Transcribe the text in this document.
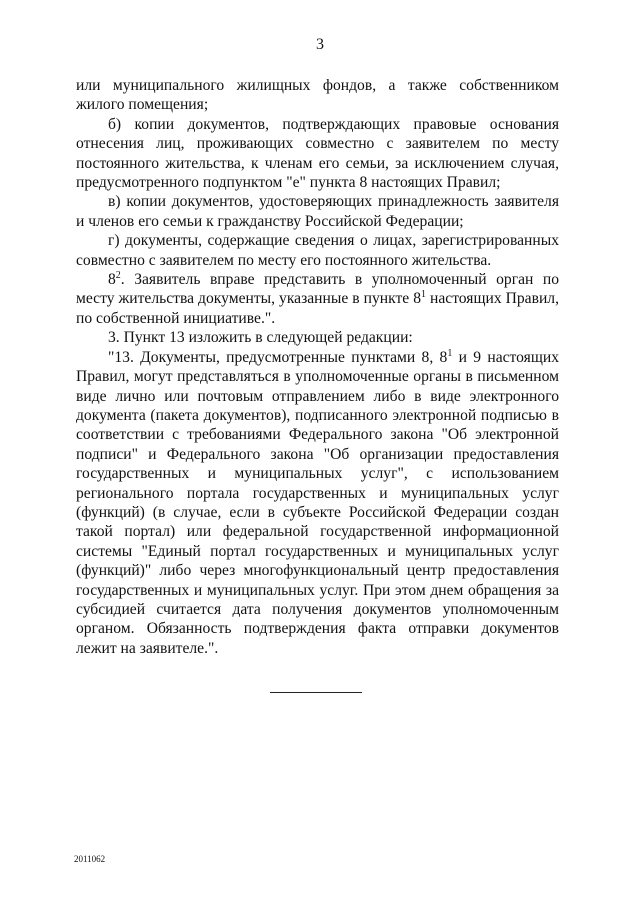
3

или муниципального жилищных фондов, а также собственником жилого помещения;

б) копии документов, подтверждающих правовые основания отнесения лиц, проживающих совместно с заявителем по месту постоянного жительства, к членам его семьи, за исключением случая, предусмотренного подпунктом "е" пункта 8 настоящих Правил;

в) копии документов, удостоверяющих принадлежность заявителя и членов его семьи к гражданству Российской Федерации;

г) документы, содержащие сведения о лицах, зарегистрированных совместно с заявителем по месту его постоянного жительства.

$8^2$. Заявитель вправе представить в уполномоченный орган по месту жительства документы, указанные в пункте $8^1$ настоящих Правил, по собственной инициативе.".

3. Пункт 13 изложить в следующей редакции:

"13. Документы, предусмотренные пунктами 8, $8^1$ и 9 настоящих Правил, могут представляться в уполномоченные органы в письменном виде лично или почтовым отправлением либо в виде электронного документа (пакета документов), подписанного электронной подписью в соответствии с требованиями Федерального закона "Об электронной подписи" и Федерального закона "Об организации предоставления государственных и муниципальных услуг", с использованием регионального портала государственных и муниципальных услуг (функций) (в случае, если в субъекте Российской Федерации создан такой портал) или федеральной государственной информационной системы "Единый портал государственных и муниципальных услуг (функций)" либо через многофункциональный центр предоставления государственных и муниципальных услуг. При этом днем обращения за субсидией считается дата получения документов уполномоченным органом. Обязанность подтверждения факта отправки документов лежит на заявителе.".

2011062
